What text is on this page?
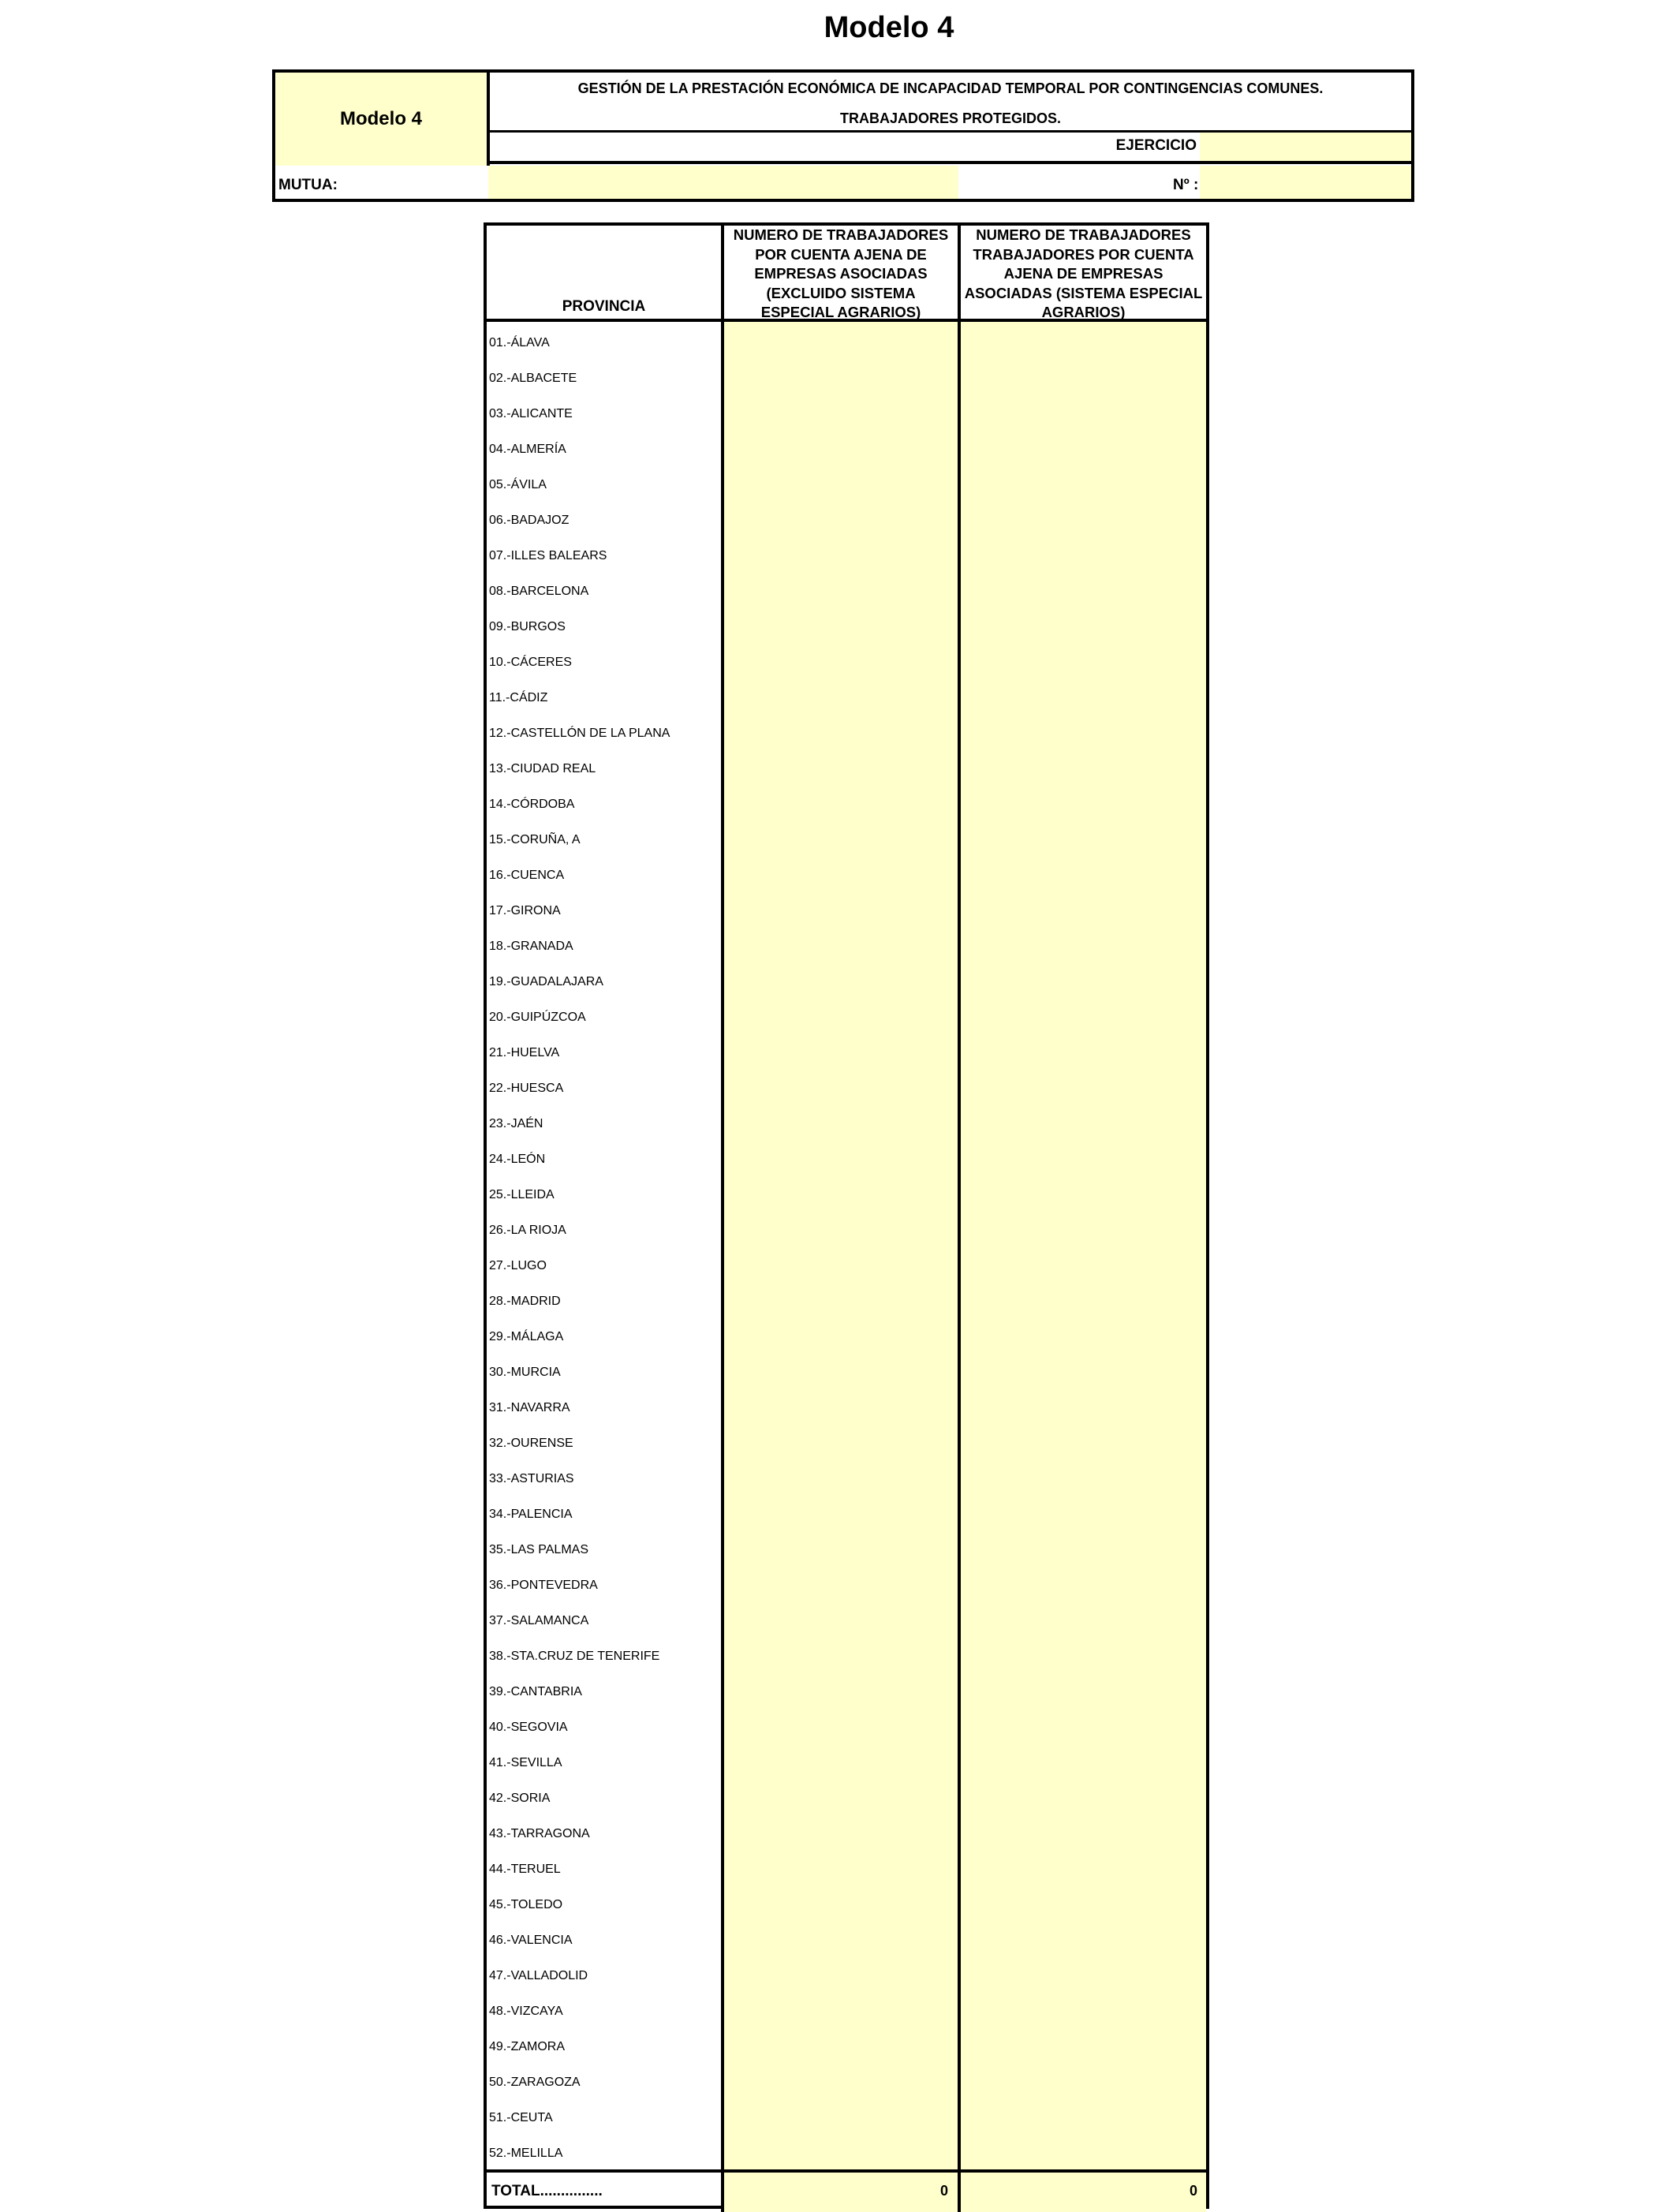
Modelo 4
Modelo 4
GESTIÓN DE LA PRESTACIÓN ECONÓMICA DE INCAPACIDAD TEMPORAL POR CONTINGENCIAS COMUNES.
TRABAJADORES PROTEGIDOS.
EJERCICIO
MUTUA:	Nº :
PROVINCIA
NUMERO DE TRABAJADORES
POR CUENTA AJENA DE
EMPRESAS ASOCIADAS
(EXCLUIDO SISTEMA
ESPECIAL AGRARIOS)
NUMERO DE TRABAJADORES
TRABAJADORES POR CUENTA
AJENA DE EMPRESAS
ASOCIADAS (SISTEMA ESPECIAL
AGRARIOS)
01.-ÁLAVA
02.-ALBACETE
03.-ALICANTE
04.-ALMERÍA
05.-ÁVILA
06.-BADAJOZ
07.-ILLES BALEARS
08.-BARCELONA
09.-BURGOS
10.-CÁCERES
11.-CÁDIZ
12.-CASTELLÓN DE LA PLANA
13.-CIUDAD REAL
14.-CÓRDOBA
15.-CORUÑA, A
16.-CUENCA
17.-GIRONA
18.-GRANADA
19.-GUADALAJARA
20.-GUIPÚZCOA
21.-HUELVA
22.-HUESCA
23.-JAÉN
24.-LEÓN
25.-LLEIDA
26.-LA RIOJA
27.-LUGO
28.-MADRID
29.-MÁLAGA
30.-MURCIA
31.-NAVARRA
32.-OURENSE
33.-ASTURIAS
34.-PALENCIA
35.-LAS PALMAS
36.-PONTEVEDRA
37.-SALAMANCA
38.-STA.CRUZ DE TENERIFE
39.-CANTABRIA
40.-SEGOVIA
41.-SEVILLA
42.-SORIA
43.-TARRAGONA
44.-TERUEL
45.-TOLEDO
46.-VALENCIA
47.-VALLADOLID
48.-VIZCAYA
49.-ZAMORA
50.-ZARAGOZA
51.-CEUTA
52.-MELILLA
TOTAL...............	0	0
